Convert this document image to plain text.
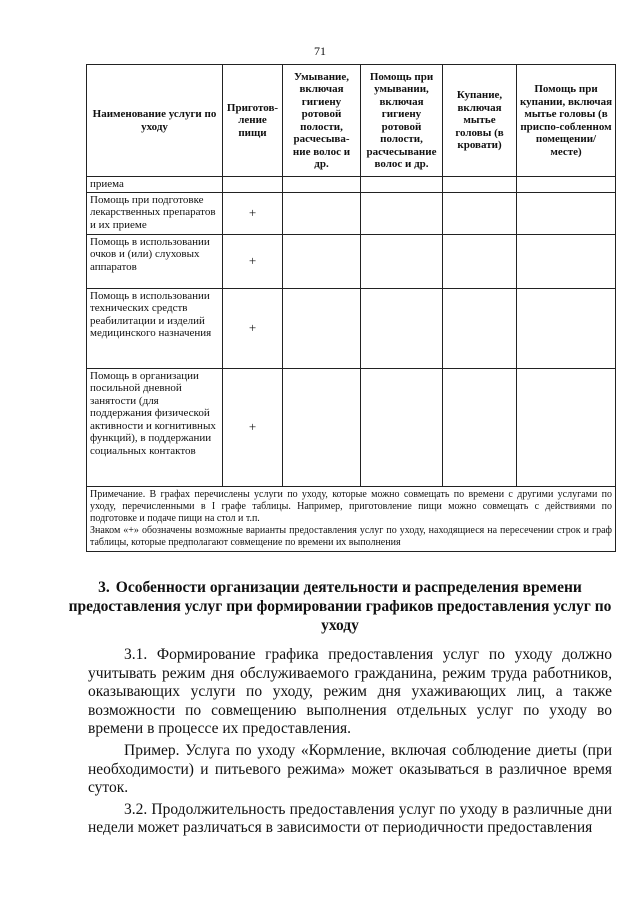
71
Наименование услуги по уходу	Приготов-ление пищи	Умывание, включая гигиену ротовой полости, расчесыва-ние волос и др.	Помощь при умывании, включая гигиену ротовой полости, расчесывание волос и др.	Купание, включая мытье головы (в кровати)	Помощь при купании, включая мытье головы (в приспо-собленном помещении/ месте)
приема					
Помощь при подготовке лекарственных препаратов и их приеме	+				
Помощь в использовании очков и (или) слуховых аппаратов	+				
Помощь в использовании технических средств реабилитации и изделий медицинского назначения	+				
Помощь в организации посильной дневной занятости (для поддержания физической активности и когнитивных функций), в поддержании социальных контактов	+				

Примечание. В графах перечислены услуги по уходу, которые можно совмещать по времени с другими услугами по уходу, перечисленными в I графе таблицы. Например, приготовление пищи можно совмещать с действиями по подготовке и подаче пищи на стол и т.п.

Знаком «+» обозначены возможные варианты предоставления услуг по уходу, находящиеся на пересечении строк и граф таблицы, которые предполагают совмещение по времени их выполнения					

3. Особенности организации деятельности и распределения времени предоставления услуг при формировании графиков предоставления услуг по уходу

3.1. Формирование графика предоставления услуг по уходу должно учитывать режим дня обслуживаемого гражданина, режим труда работников, оказывающих услуги по уходу, режим дня ухаживающих лиц, а также возможности по совмещению выполнения отдельных услуг по уходу во времени в процессе их предоставления.

Пример. Услуга по уходу «Кормление, включая соблюдение диеты (при необходимости) и питьевого режима» может оказываться в различное время суток.

3.2. Продолжительность предоставления услуг по уходу в различные дни недели может различаться в зависимости от периодичности предоставления
